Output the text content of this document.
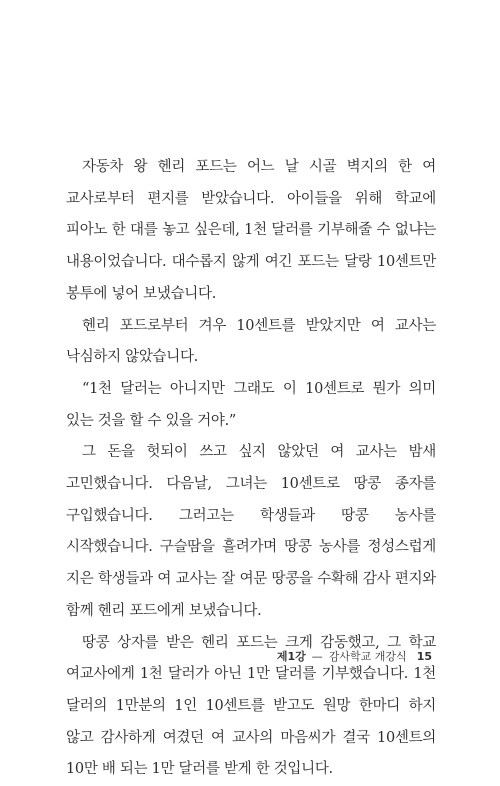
자동차 왕 헨리 포드는 어느 날 시골 벽지의 한 여 교사로부터 편지를 받았습니다. 아이들을 위해 학교에 피아노 한 대를 놓고 싶은데, 1천 달러를 기부해줄 수 없냐는 내용이었습니다. 대수롭지 않게 여긴 포드는 달랑 10센트만 봉투에 넣어 보냈습니다.

헨리 포드로부터 겨우 10센트를 받았지만 여 교사는 낙심하지 않았습니다.

“1천 달러는 아니지만 그래도 이 10센트로 뭔가 의미 있는 것을 할 수 있을 거야.”

그 돈을 헛되이 쓰고 싶지 않았던 여 교사는 밤새 고민했습니다. 다음날, 그녀는 10센트로 땅콩 종자를 구입했습니다. 그러고는 학생들과 땅콩 농사를 시작했습니다. 구슬땀을 흘려가며 땅콩 농사를 정성스럽게 지은 학생들과 여 교사는 잘 여문 땅콩을 수확해 감사 편지와 함께 헨리 포드에게 보냈습니다.

땅콩 상자를 받은 헨리 포드는 크게 감동했고, 그 학교 여교사에게 1천 달러가 아닌 1만 달러를 기부했습니다. 1천 달러의 1만분의 1인 10센트를 받고도 원망 한마디 하지 않고 감사하게 여겼던 여 교사의 마음씨가 결국 10센트의 10만 배 되는 1만 달러를 받게 한 것입니다.

제1강 — 감사학교 개강식 15
